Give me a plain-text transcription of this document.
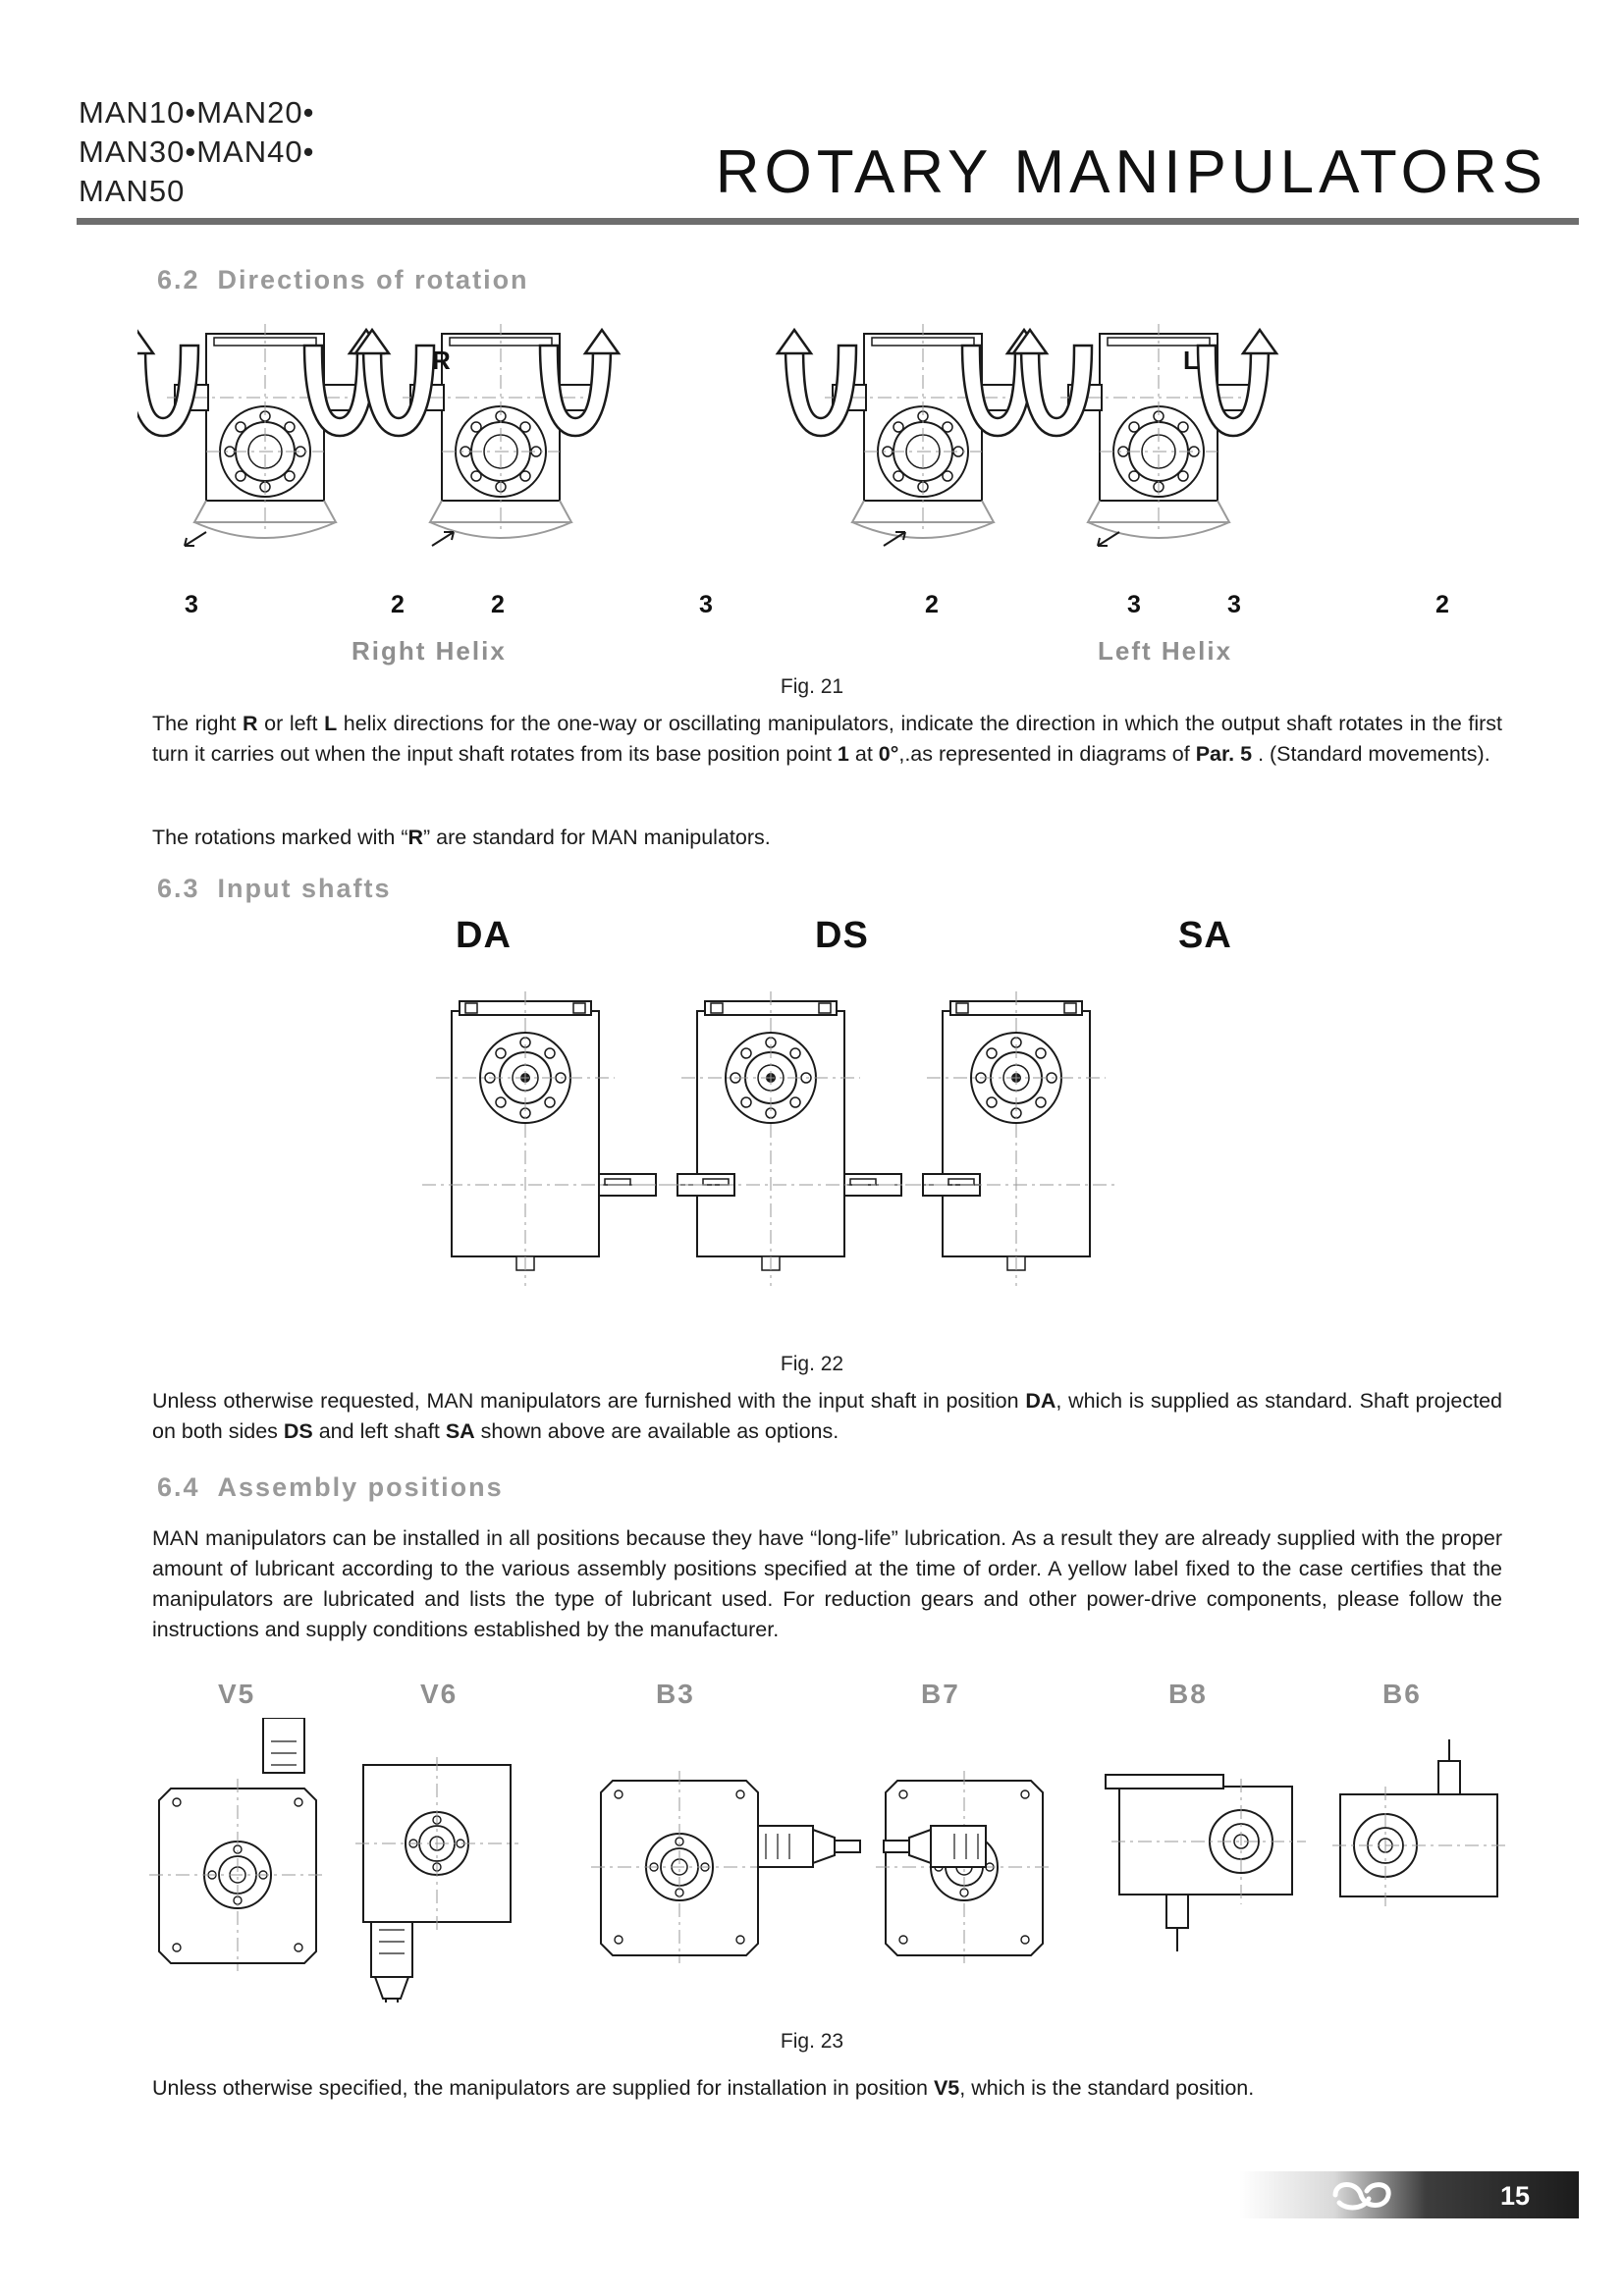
MAN10•MAN20•
MAN30•MAN40•
MAN50	ROTARY MANIPULATORS
6.2 Directions of rotation
R	L
3	2	2	3	2	3	3	2
Right Helix	Left Helix
Fig. 21
The right R or left L helix directions for the one-way or oscillating manipulators, indicate the direction in which the output shaft rotates in the first turn it carries out when the input shaft rotates from its base position point 1 at 0°,.as represented in diagrams of Par. 5 . (Standard movements).
The rotations marked with “R” are standard for MAN manipulators.
6.3 Input shafts
DA	DS	SA
Fig. 22
Unless otherwise requested, MAN manipulators are furnished with the input shaft in position DA, which is supplied as standard. Shaft projected on both sides DS and left shaft SA shown above are available as options.
6.4 Assembly positions
MAN manipulators can be installed in all positions because they have “long-life” lubrication. As a result they are already supplied with the proper amount of lubricant according to the various assembly positions specified at the time of order. A yellow label fixed to the case certifies that the manipulators are lubricated and lists the type of lubricant used. For reduction gears and other power-drive components, please follow the instructions and supply conditions established by the manufacturer.
V5	V6	B3	B7	B8	B6
Fig. 23
Unless otherwise specified, the manipulators are supplied for installation in position V5, which is the standard position.
15
